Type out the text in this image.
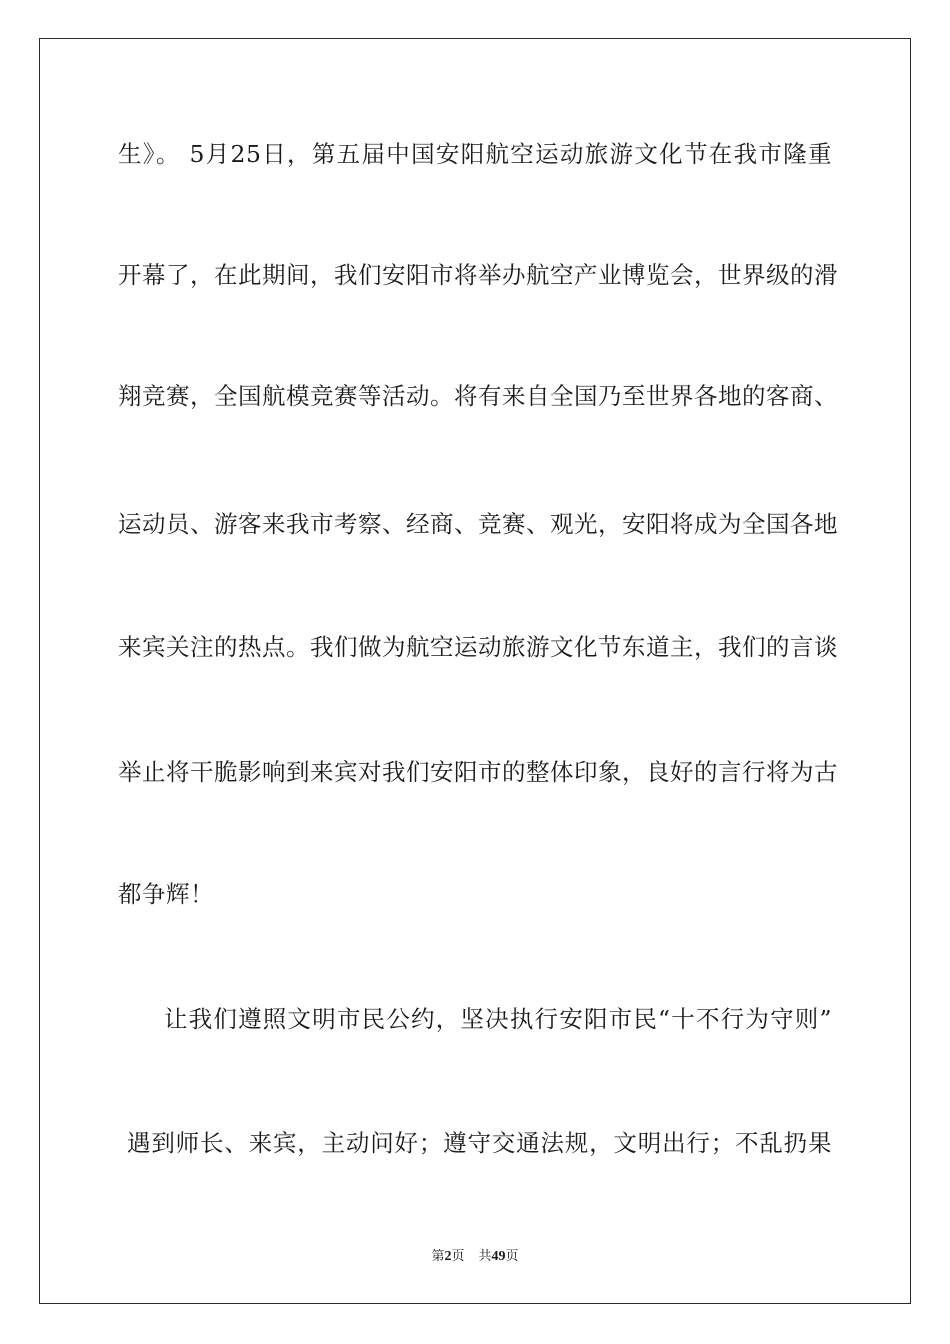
生》。 5月25日，第五届中国安阳航空运动旅游文化节在我市隆重
开幕了，在此期间，我们安阳市将举办航空产业博览会，世界级的滑
翔竞赛，全国航模竞赛等活动。将有来自全国乃至世界各地的客商、
运动员、游客来我市考察、经商、竞赛、观光，安阳将成为全国各地
来宾关注的热点。我们做为航空运动旅游文化节东道主，我们的言谈
举止将干脆影响到来宾对我们安阳市的整体印象，良好的言行将为古
都争辉！
让我们遵照文明市民公约，坚决执行安阳市民“十不行为守则”
遇到师长、来宾，主动问好；遵守交通法规，文明出行；不乱扔果
第2页 共49页
